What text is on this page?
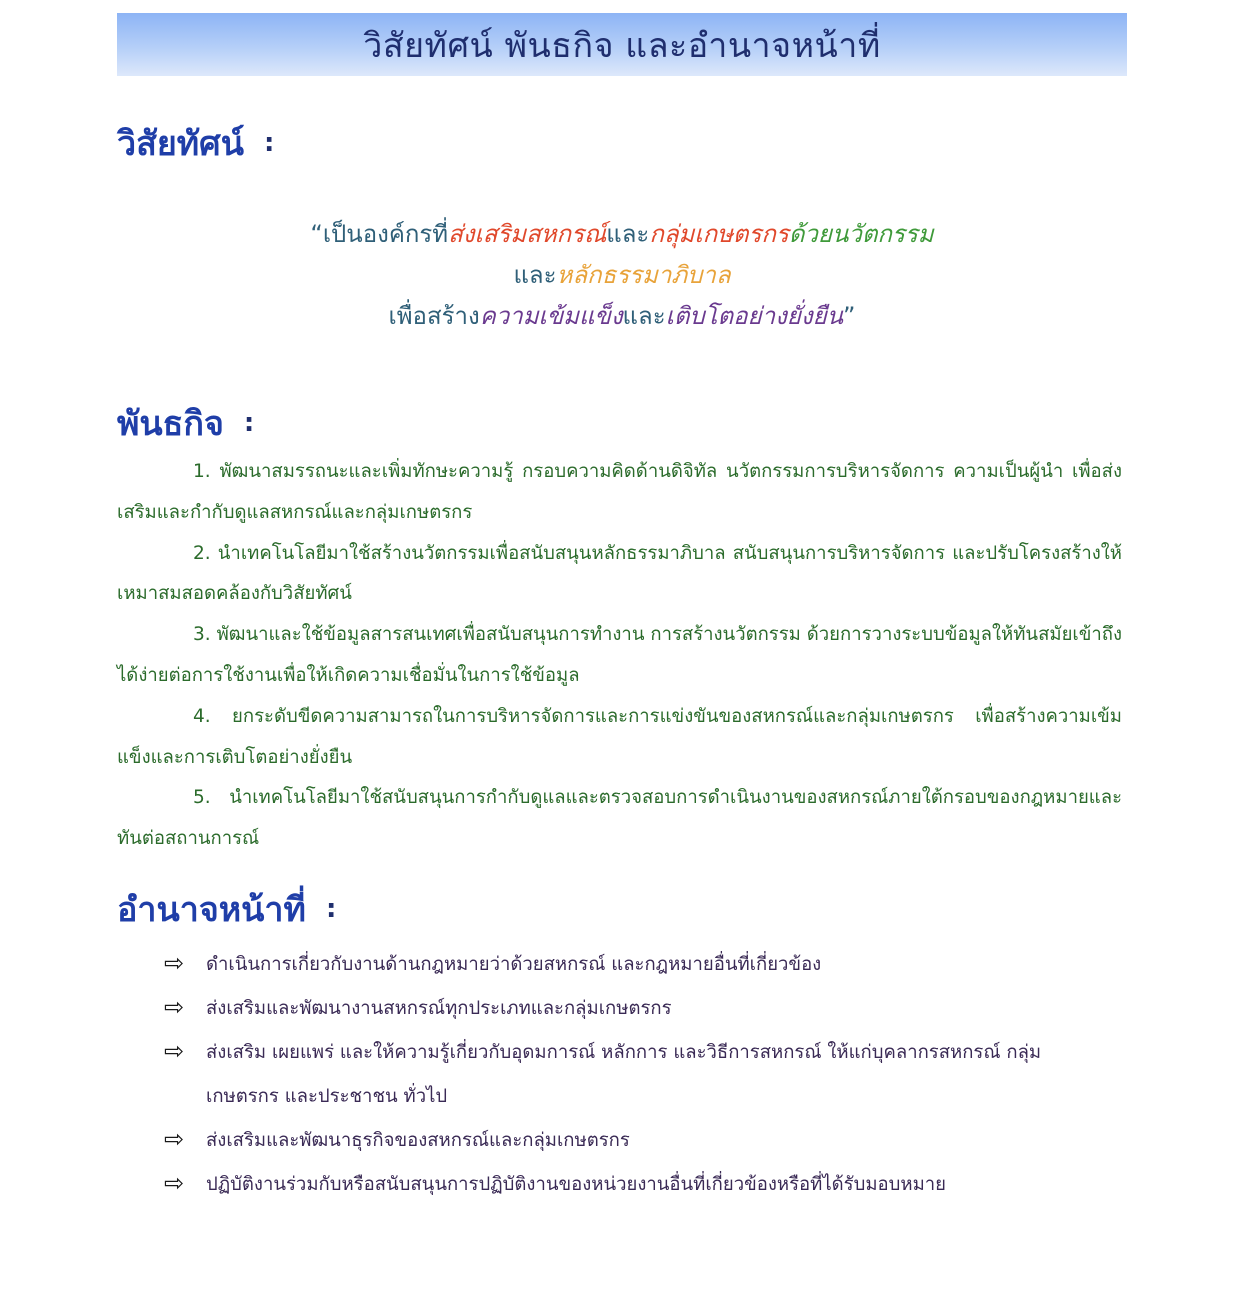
วิสัยทัศน์ พันธกิจ และอำนาจหน้าที่
วิสัยทัศน์ :
“เป็นองค์กรที่ส่งเสริมสหกรณ์และกลุ่มเกษตรกรด้วยนวัตกรรม
และหลักธรรมาภิบาล
เพื่อสร้างความเข้มแข็งและเติบโตอย่างยั่งยืน”
พันธกิจ :

1. พัฒนาสมรรถนะและเพิ่มทักษะความรู้ กรอบความคิดด้านดิจิทัล นวัตกรรมการบริหารจัดการ ความเป็นผู้นำ เพื่อส่งเสริมและกำกับดูแลสหกรณ์และกลุ่มเกษตรกร

2. นำเทคโนโลยีมาใช้สร้างนวัตกรรมเพื่อสนับสนุนหลักธรรมาภิบาล สนับสนุนการบริหารจัดการ และปรับโครงสร้างให้เหมาสมสอดคล้องกับวิสัยทัศน์

3. พัฒนาและใช้ข้อมูลสารสนเทศเพื่อสนับสนุนการทำงาน การสร้างนวัตกรรม ด้วยการวางระบบข้อมูลให้ทันสมัยเข้าถึงได้ง่ายต่อการใช้งานเพื่อให้เกิดความเชื่อมั่นในการใช้ข้อมูล

4. ยกระดับขีดความสามารถในการบริหารจัดการและการแข่งขันของสหกรณ์และกลุ่มเกษตรกร เพื่อสร้างความเข้มแข็งและการเติบโตอย่างยั่งยืน

5. นำเทคโนโลยีมาใช้สนับสนุนการกำกับดูแลและตรวจสอบการดำเนินงานของสหกรณ์ภายใต้กรอบของกฎหมายและทันต่อสถานการณ์

อำนาจหน้าที่ :
⇨	ดำเนินการเกี่ยวกับงานด้านกฎหมายว่าด้วยสหกรณ์ และกฎหมายอื่นที่เกี่ยวข้อง
⇨	ส่งเสริมและพัฒนางานสหกรณ์ทุกประเภทและกลุ่มเกษตรกร
⇨	ส่งเสริม เผยแพร่ และให้ความรู้เกี่ยวกับอุดมการณ์ หลักการ และวิธีการสหกรณ์ ให้แก่บุคลากรสหกรณ์ กลุ่มเกษตรกร และประชาชน ทั่วไป
⇨	ส่งเสริมและพัฒนาธุรกิจของสหกรณ์และกลุ่มเกษตรกร
⇨	ปฏิบัติงานร่วมกับหรือสนับสนุนการปฏิบัติงานของหน่วยงานอื่นที่เกี่ยวข้องหรือที่ได้รับมอบหมาย
